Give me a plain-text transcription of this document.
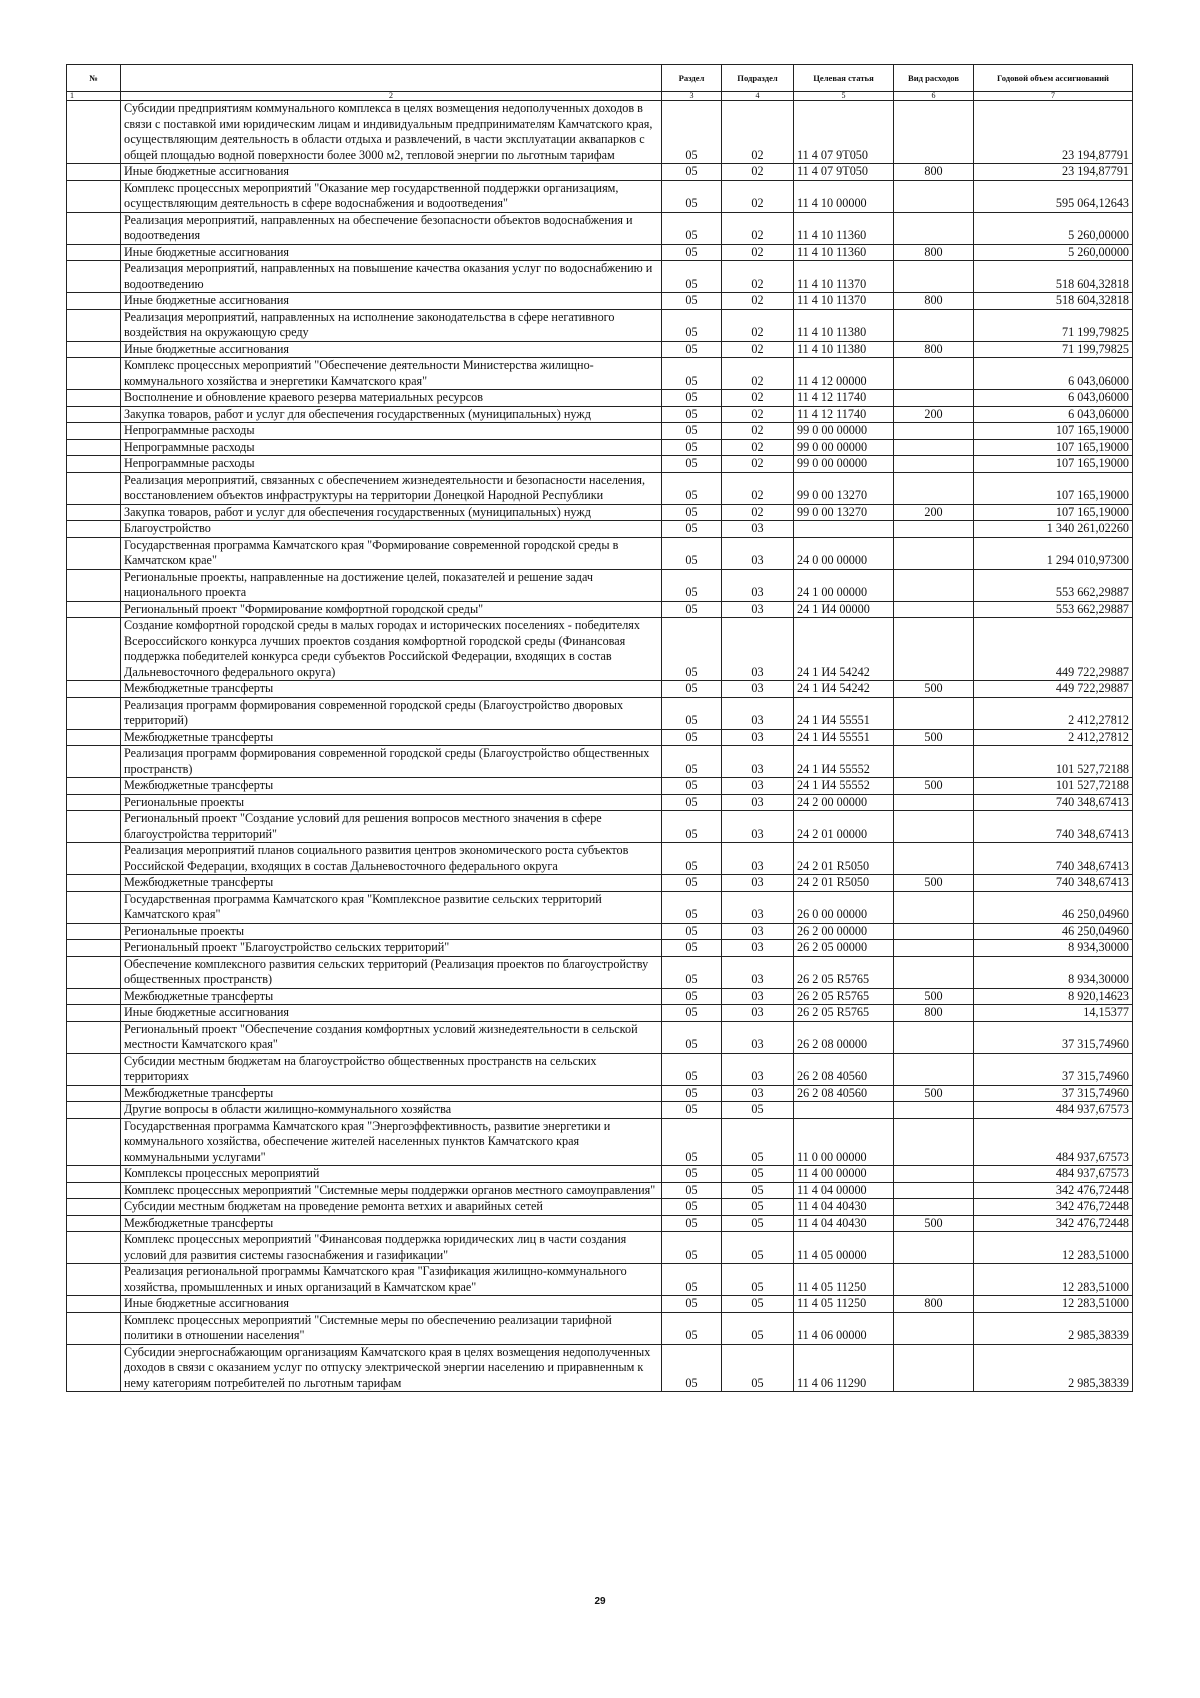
№		Раздел	Подраздел	Целевая статья	Вид расходов	Годовой объем ассигнований
1	2	3	4	5	6	7
	Субсидии предприятиям коммунального комплекса в целях возмещения недополученных доходов в связи с поставкой ими юридическим лицам и индивидуальным предпринимателям Камчатского края, осуществляющим деятельность в области отдыха и развлечений, в части эксплуатации аквапарков с общей площадью водной поверхности более 3000 м2, тепловой энергии по льготным тарифам	05	02	11 4 07 9Т050		23 194,87791
	Иные бюджетные ассигнования	05	02	11 4 07 9Т050	800	23 194,87791
	Комплекс процессных мероприятий "Оказание мер государственной поддержки организациям, осуществляющим деятельность в сфере водоснабжения и водоотведения"	05	02	11 4 10 00000		595 064,12643
	Реализация мероприятий, направленных на обеспечение безопасности объектов водоснабжения и водоотведения	05	02	11 4 10 11360		5 260,00000
	Иные бюджетные ассигнования	05	02	11 4 10 11360	800	5 260,00000
	Реализация мероприятий, направленных на повышение качества оказания услуг по водоснабжению и водоотведению	05	02	11 4 10 11370		518 604,32818
	Иные бюджетные ассигнования	05	02	11 4 10 11370	800	518 604,32818
	Реализация мероприятий, направленных на исполнение законодательства в сфере негативного воздействия на окружающую среду	05	02	11 4 10 11380		71 199,79825
	Иные бюджетные ассигнования	05	02	11 4 10 11380	800	71 199,79825
	Комплекс процессных мероприятий "Обеспечение деятельности Министерства жилищно-коммунального хозяйства и энергетики Камчатского края"	05	02	11 4 12 00000		6 043,06000
	Восполнение и обновление краевого резерва материальных ресурсов	05	02	11 4 12 11740		6 043,06000
	Закупка товаров, работ и услуг для обеспечения государственных (муниципальных) нужд	05	02	11 4 12 11740	200	6 043,06000
	Непрограммные расходы	05	02	99 0 00 00000		107 165,19000
	Непрограммные расходы	05	02	99 0 00 00000		107 165,19000
	Непрограммные расходы	05	02	99 0 00 00000		107 165,19000
	Реализация мероприятий, связанных с обеспечением жизнедеятельности и безопасности населения, восстановлением объектов инфраструктуры на территории Донецкой Народной Республики	05	02	99 0 00 13270		107 165,19000
	Закупка товаров, работ и услуг для обеспечения государственных (муниципальных) нужд	05	02	99 0 00 13270	200	107 165,19000
	Благоустройство	05	03			1 340 261,02260
	Государственная программа Камчатского края "Формирование современной городской среды в Камчатском крае"	05	03	24 0 00 00000		1 294 010,97300
	Региональные проекты, направленные на достижение целей, показателей и решение задач национального проекта	05	03	24 1 00 00000		553 662,29887
	Региональный проект "Формирование комфортной городской среды"	05	03	24 1 И4 00000		553 662,29887
	Создание комфортной городской среды в малых городах и исторических поселениях - победителях Всероссийского конкурса лучших проектов создания комфортной городской среды (Финансовая поддержка победителей конкурса среди субъектов Российской Федерации, входящих в состав Дальневосточного федерального округа)	05	03	24 1 И4 54242		449 722,29887
	Межбюджетные трансферты	05	03	24 1 И4 54242	500	449 722,29887
	Реализация программ формирования современной городской среды (Благоустройство дворовых территорий)	05	03	24 1 И4 55551		2 412,27812
	Межбюджетные трансферты	05	03	24 1 И4 55551	500	2 412,27812
	Реализация программ формирования современной городской среды (Благоустройство общественных пространств)	05	03	24 1 И4 55552		101 527,72188
	Межбюджетные трансферты	05	03	24 1 И4 55552	500	101 527,72188
	Региональные проекты	05	03	24 2 00 00000		740 348,67413
	Региональный проект "Создание условий для решения вопросов местного значения в сфере благоустройства территорий"	05	03	24 2 01 00000		740 348,67413
	Реализация мероприятий планов социального развития центров экономического роста субъектов Российской Федерации, входящих в состав Дальневосточного федерального округа	05	03	24 2 01 R5050		740 348,67413
	Межбюджетные трансферты	05	03	24 2 01 R5050	500	740 348,67413
	Государственная программа Камчатского края "Комплексное развитие сельских территорий Камчатского края"	05	03	26 0 00 00000		46 250,04960
	Региональные проекты	05	03	26 2 00 00000		46 250,04960
	Региональный проект "Благоустройство сельских территорий"	05	03	26 2 05 00000		8 934,30000
	Обеспечение комплексного развития сельских территорий (Реализация проектов по благоустройству общественных пространств)	05	03	26 2 05 R5765		8 934,30000
	Межбюджетные трансферты	05	03	26 2 05 R5765	500	8 920,14623
	Иные бюджетные ассигнования	05	03	26 2 05 R5765	800	14,15377
	Региональный проект "Обеспечение создания комфортных условий жизнедеятельности в сельской местности Камчатского края"	05	03	26 2 08 00000		37 315,74960
	Субсидии местным бюджетам на благоустройство общественных пространств на сельских территориях	05	03	26 2 08 40560		37 315,74960
	Межбюджетные трансферты	05	03	26 2 08 40560	500	37 315,74960
	Другие вопросы в области жилищно-коммунального хозяйства	05	05			484 937,67573
	Государственная программа Камчатского края "Энергоэффективность, развитие энергетики и коммунального хозяйства, обеспечение жителей населенных пунктов Камчатского края коммунальными услугами"	05	05	11 0 00 00000		484 937,67573
	Комплексы процессных мероприятий	05	05	11 4 00 00000		484 937,67573
	Комплекс процессных мероприятий "Системные меры поддержки органов местного самоуправления"	05	05	11 4 04 00000		342 476,72448
	Субсидии местным бюджетам на проведение ремонта ветхих и аварийных сетей	05	05	11 4 04 40430		342 476,72448
	Межбюджетные трансферты	05	05	11 4 04 40430	500	342 476,72448
	Комплекс процессных мероприятий "Финансовая поддержка юридических лиц в части создания условий для развития системы газоснабжения и газификации"	05	05	11 4 05 00000		12 283,51000
	Реализация региональной программы Камчатского края "Газификация жилищно-коммунального хозяйства, промышленных и иных организаций в Камчатском крае"	05	05	11 4 05 11250		12 283,51000
	Иные бюджетные ассигнования	05	05	11 4 05 11250	800	12 283,51000
	Комплекс процессных мероприятий "Системные меры по обеспечению реализации тарифной политики в отношении населения"	05	05	11 4 06 00000		2 985,38339
	Субсидии энергоснабжающим организациям Камчатского края в целях возмещения недополученных доходов в связи с оказанием услуг по отпуску электрической энергии населению и приравненным к нему категориям потребителей по льготным тарифам	05	05	11 4 06 11290		2 985,38339
29
